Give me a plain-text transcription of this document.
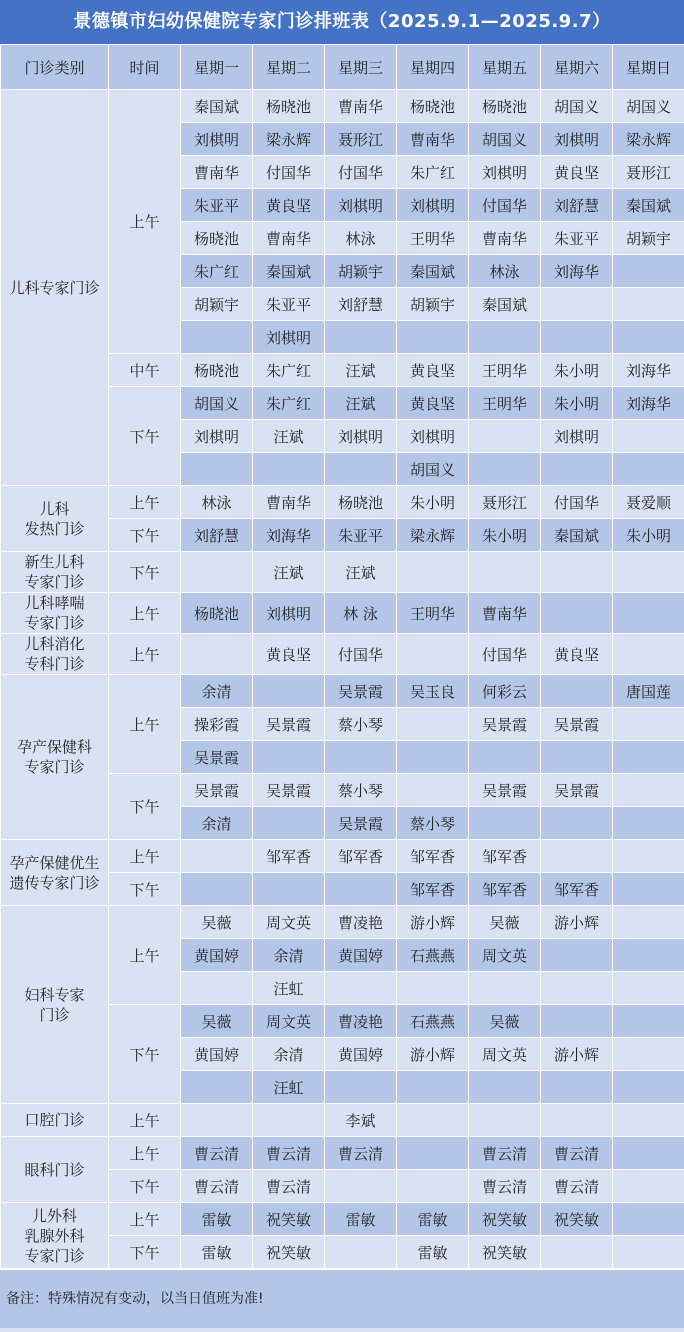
景德镇市妇幼保健院专家门诊排班表（2025.9.1—2025.9.7）
门诊类别	时间	星期一	星期二	星期三	星期四	星期五	星期六	星期日
儿科专家门诊	上午	秦国斌	杨晓池	曹南华	杨晓池	杨晓池	胡国义	胡国义
		刘棋明	梁永辉	聂形江	曹南华	胡国义	刘棋明	梁永辉
		曹南华	付国华	付国华	朱广红	刘棋明	黄良坚	聂形江
		朱亚平	黄良坚	刘棋明	刘棋明	付国华	刘舒慧	秦国斌
		杨晓池	曹南华	林泳	王明华	曹南华	朱亚平	胡颖宇
		朱广红	秦国斌	胡颖宇	秦国斌	林泳	刘海华	
		胡颖宇	朱亚平	刘舒慧	胡颖宇	秦国斌		
			刘棋明					
	中午	杨晓池	朱广红	汪斌	黄良坚	王明华	朱小明	刘海华
	下午	胡国义	朱广红	汪斌	黄良坚	王明华	朱小明	刘海华
		刘棋明	汪斌	刘棋明	刘棋明		刘棋明	
					胡国义			
儿科
发热门诊	上午	林泳	曹南华	杨晓池	朱小明	聂形江	付国华	聂爱顺
	下午	刘舒慧	刘海华	朱亚平	梁永辉	朱小明	秦国斌	朱小明
新生儿科
专家门诊	下午		汪斌	汪斌				
儿科哮喘
专家门诊	上午	杨晓池	刘棋明	林 泳	王明华	曹南华		
儿科消化
专科门诊	上午		黄良坚	付国华		付国华	黄良坚	
孕产保健科
专家门诊	上午	余清		吴景霞	吴玉良	何彩云		唐国莲
		操彩霞	吴景霞	蔡小琴		吴景霞	吴景霞	
		吴景霞						
	下午	吴景霞	吴景霞	蔡小琴		吴景霞	吴景霞	
		余清		吴景霞	蔡小琴			
孕产保健优生
遗传专家门诊	上午		邹军香	邹军香	邹军香	邹军香		
	下午				邹军香	邹军香	邹军香	
妇科专家
门诊	上午	吴薇	周文英	曹凌艳	游小辉	吴薇	游小辉	
		黄国婷	余清	黄国婷	石燕燕	周文英		
			汪虹					
	下午	吴薇	周文英	曹凌艳	石燕燕	吴薇		
		黄国婷	余清	黄国婷	游小辉	周文英	游小辉	
			汪虹					
口腔门诊	上午			李斌				
眼科门诊	上午	曹云清	曹云清	曹云清		曹云清	曹云清	
	下午	曹云清	曹云清			曹云清	曹云清	
儿外科
乳腺外科
专家门诊	上午	雷敏	祝笑敏	雷敏	雷敏	祝笑敏	祝笑敏	
	下午	雷敏	祝笑敏		雷敏	祝笑敏		
备注：特殊情况有变动，以当日值班为准!
